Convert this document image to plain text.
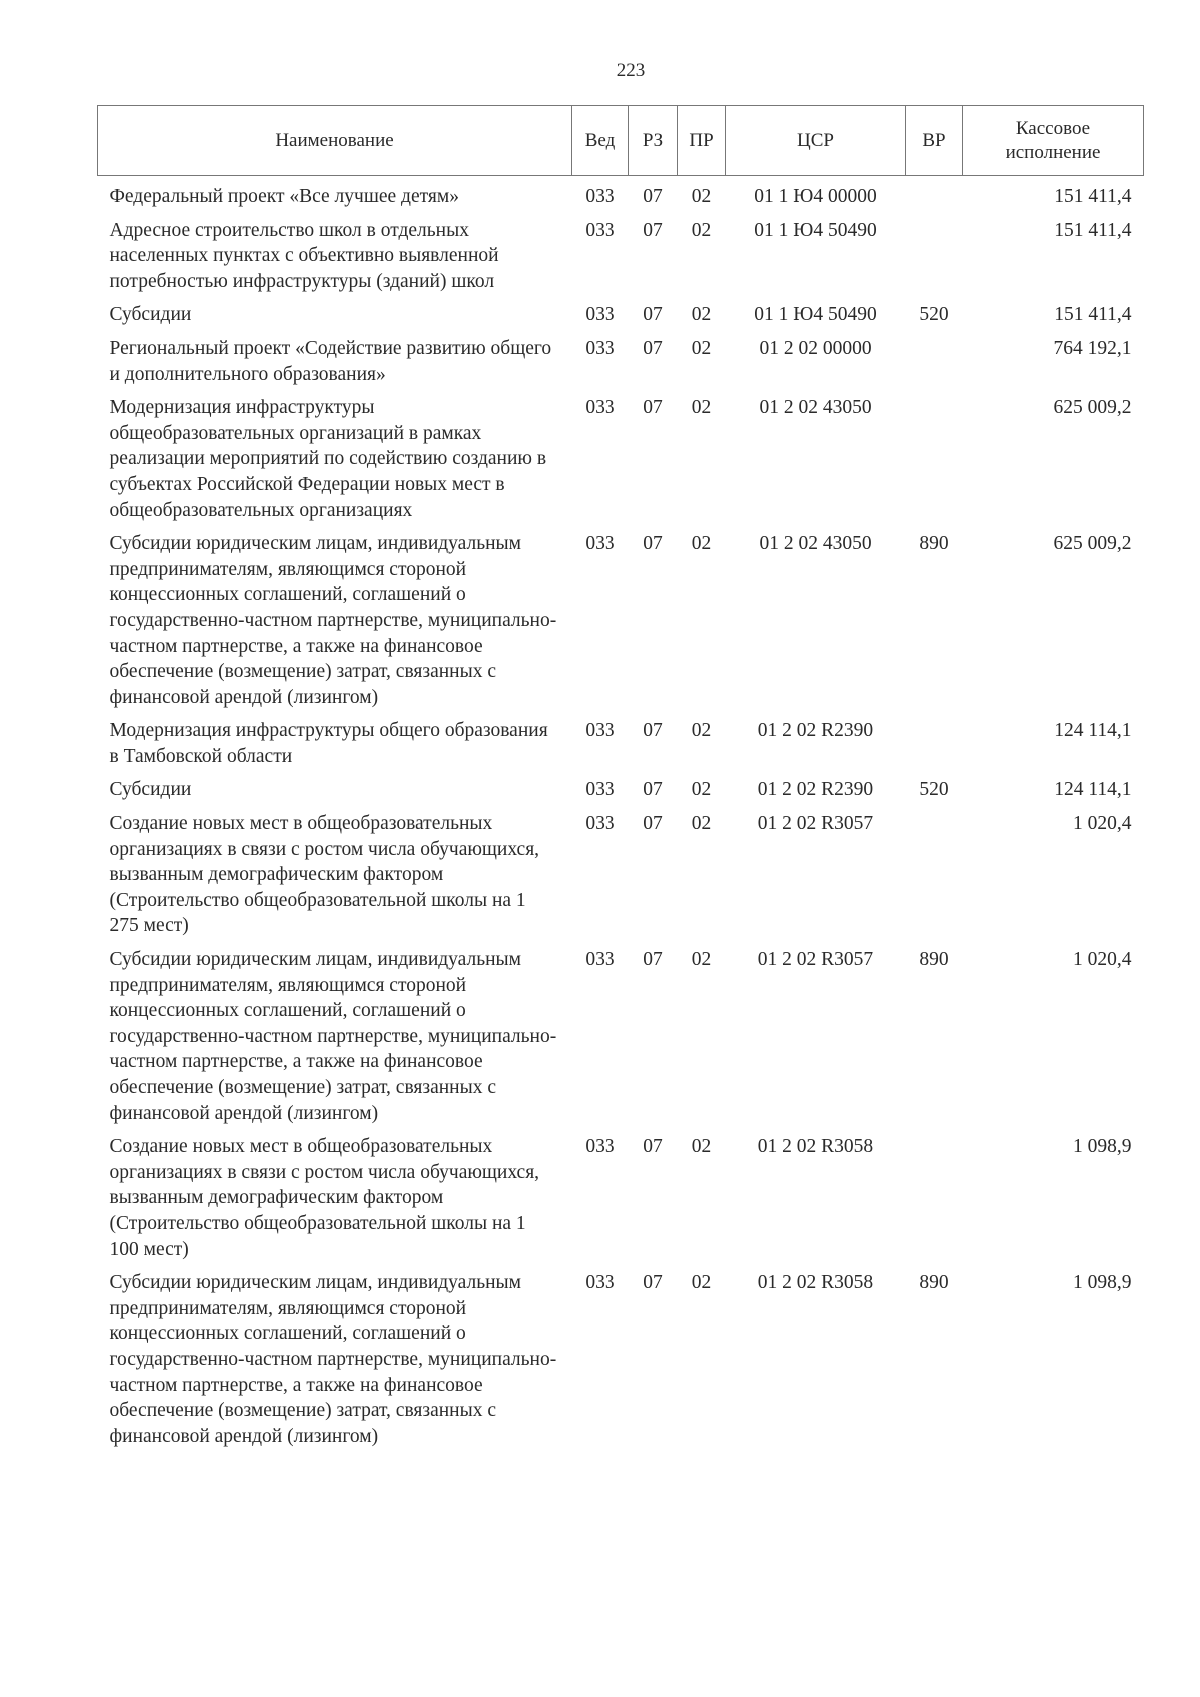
223
Наименование	Вед	РЗ	ПР	ЦСР	ВР	Кассовое исполнение
Федеральный проект «Все лучшее детям»	033	07	02	01 1 Ю4 00000		151 411,4
Адресное строительство школ в отдельных населенных пунктах с объективно выявленной потребностью инфраструктуры (зданий) школ	033	07	02	01 1 Ю4 50490		151 411,4
Субсидии	033	07	02	01 1 Ю4 50490	520	151 411,4
Региональный проект «Содействие развитию общего и дополнительного образования»	033	07	02	01 2 02 00000		764 192,1
Модернизация инфраструктуры общеобразовательных организаций в рамках реализации мероприятий по содействию созданию в субъектах Российской Федерации новых мест в общеобразовательных организациях	033	07	02	01 2 02 43050		625 009,2
Субсидии юридическим лицам, индивидуальным предпринимателям, являющимся стороной концессионных соглашений, соглашений о государственно-частном партнерстве, муниципально-частном партнерстве, а также на финансовое обеспечение (возмещение) затрат, связанных с финансовой арендой (лизингом)	033	07	02	01 2 02 43050	890	625 009,2
Модернизация инфраструктуры общего образования в Тамбовской области	033	07	02	01 2 02 R2390		124 114,1
Субсидии	033	07	02	01 2 02 R2390	520	124 114,1
Создание новых мест в общеобразовательных организациях в связи с ростом числа обучающихся, вызванным демографическим фактором (Строительство общеобразовательной школы на 1 275 мест)	033	07	02	01 2 02 R3057		1 020,4
Субсидии юридическим лицам, индивидуальным предпринимателям, являющимся стороной концессионных соглашений, соглашений о государственно-частном партнерстве, муниципально-частном партнерстве, а также на финансовое обеспечение (возмещение) затрат, связанных с финансовой арендой (лизингом)	033	07	02	01 2 02 R3057	890	1 020,4
Создание новых мест в общеобразовательных организациях в связи с ростом числа обучающихся, вызванным демографическим фактором (Строительство общеобразовательной школы на 1 100 мест)	033	07	02	01 2 02 R3058		1 098,9
Субсидии юридическим лицам, индивидуальным предпринимателям, являющимся стороной концессионных соглашений, соглашений о государственно-частном партнерстве, муниципально-частном партнерстве, а также на финансовое обеспечение (возмещение) затрат, связанных с финансовой арендой (лизингом)	033	07	02	01 2 02 R3058	890	1 098,9
